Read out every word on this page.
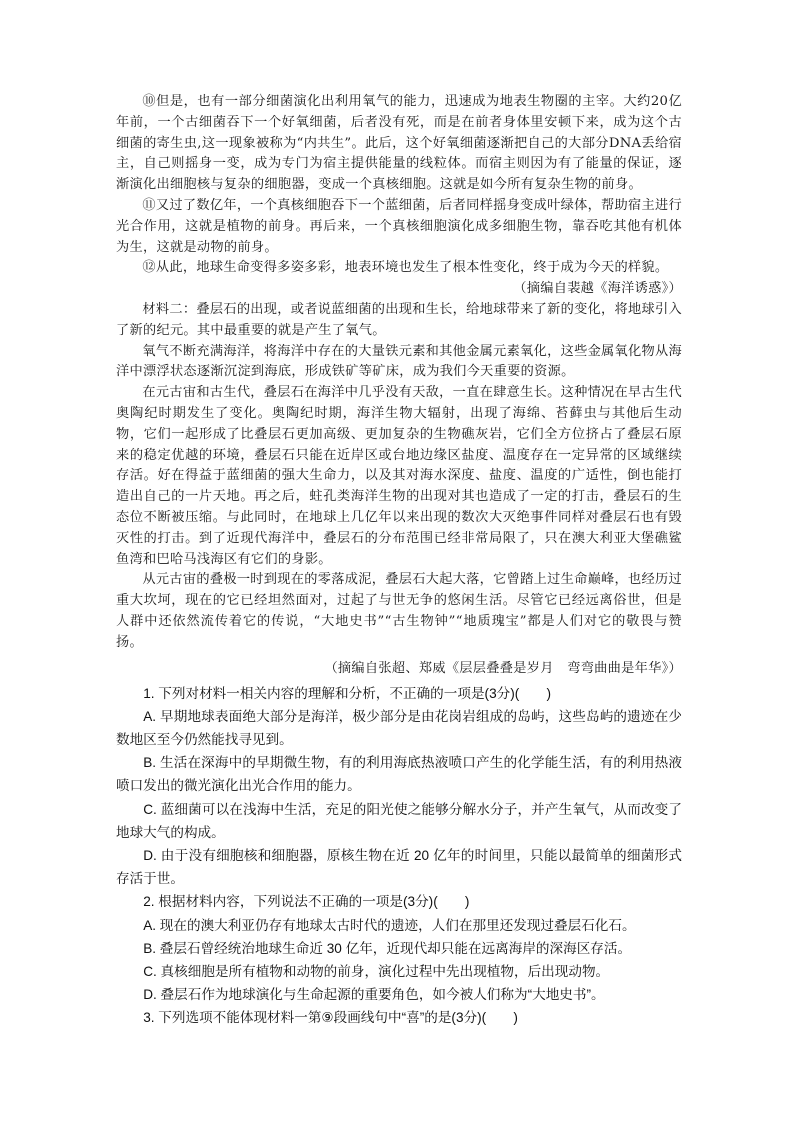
⑩但是，也有一部分细菌演化出利用氧气的能力，迅速成为地表生物圈的主宰。大约20亿年前，一个古细菌吞下一个好氧细菌，后者没有死，而是在前者身体里安顿下来，成为这个古细菌的寄生虫,这一现象被称为“内共生”。此后，这个好氧细菌逐渐把自己的大部分DNA丢给宿主，自己则摇身一变，成为专门为宿主提供能量的线粒体。而宿主则因为有了能量的保证，逐渐演化出细胞核与复杂的细胞器，变成一个真核细胞。这就是如今所有复杂生物的前身。

⑪又过了数亿年，一个真核细胞吞下一个蓝细菌，后者同样摇身变成叶绿体，帮助宿主进行光合作用，这就是植物的前身。再后来，一个真核细胞演化成多细胞生物，靠吞吃其他有机体为生，这就是动物的前身。

⑫从此，地球生命变得多姿多彩，地表环境也发生了根本性变化，终于成为今天的样貌。

（摘编自裴越《海洋诱惑》）

材料二：叠层石的出现，或者说蓝细菌的出现和生长，给地球带来了新的变化，将地球引入了新的纪元。其中最重要的就是产生了氧气。

氧气不断充满海洋，将海洋中存在的大量铁元素和其他金属元素氧化，这些金属氧化物从海洋中漂浮状态逐渐沉淀到海底，形成铁矿等矿床，成为我们今天重要的资源。

在元古宙和古生代，叠层石在海洋中几乎没有天敌，一直在肆意生长。这种情况在早古生代奥陶纪时期发生了变化。奥陶纪时期，海洋生物大辐射，出现了海绵、苔藓虫与其他后生动物，它们一起形成了比叠层石更加高级、更加复杂的生物礁灰岩，它们全方位挤占了叠层石原来的稳定优越的环境，叠层石只能在近岸区或台地边缘区盐度、温度存在一定异常的区域继续存活。好在得益于蓝细菌的强大生命力，以及其对海水深度、盐度、温度的广适性，倒也能打造出自己的一片天地。再之后，蛀孔类海洋生物的出现对其也造成了一定的打击，叠层石的生态位不断被压缩。与此同时，在地球上几亿年以来出现的数次大灭绝事件同样对叠层石也有毁灭性的打击。到了近现代海洋中，叠层石的分布范围已经非常局限了，只在澳大利亚大堡礁鲨鱼湾和巴哈马浅海区有它们的身影。

从元古宙的叠极一时到现在的零落成泥，叠层石大起大落，它曾踏上过生命巅峰，也经历过重大坎坷，现在的它已经坦然面对，过起了与世无争的悠闲生活。尽管它已经远离俗世，但是人群中还依然流传着它的传说，“大地史书”“古生物钟”“地质瑰宝”都是人们对它的敬畏与赞扬。

（摘编自张超、郑威《层层叠叠是岁月　弯弯曲曲是年华》）

1. 下列对材料一相关内容的理解和分析，不正确的一项是(3分)(　　)

A. 早期地球表面绝大部分是海洋，极少部分是由花岗岩组成的岛屿，这些岛屿的遗迹在少数地区至今仍然能找寻见到。

B. 生活在深海中的早期微生物，有的利用海底热液喷口产生的化学能生活，有的利用热液喷口发出的微光演化出光合作用的能力。

C. 蓝细菌可以在浅海中生活，充足的阳光使之能够分解水分子，并产生氧气，从而改变了地球大气的构成。

D. 由于没有细胞核和细胞器，原核生物在近 20 亿年的时间里，只能以最简单的细菌形式存活于世。

2. 根据材料内容，下列说法不正确的一项是(3分)(　　)

A. 现在的澳大利亚仍存有地球太古时代的遗迹，人们在那里还发现过叠层石化石。

B. 叠层石曾经统治地球生命近 30 亿年，近现代却只能在远离海岸的深海区存活。

C. 真核细胞是所有植物和动物的前身，演化过程中先出现植物，后出现动物。

D. 叠层石作为地球演化与生命起源的重要角色，如今被人们称为“大地史书”。

3. 下列选项不能体现材料一第⑨段画线句中“喜”的是(3分)(　　)
